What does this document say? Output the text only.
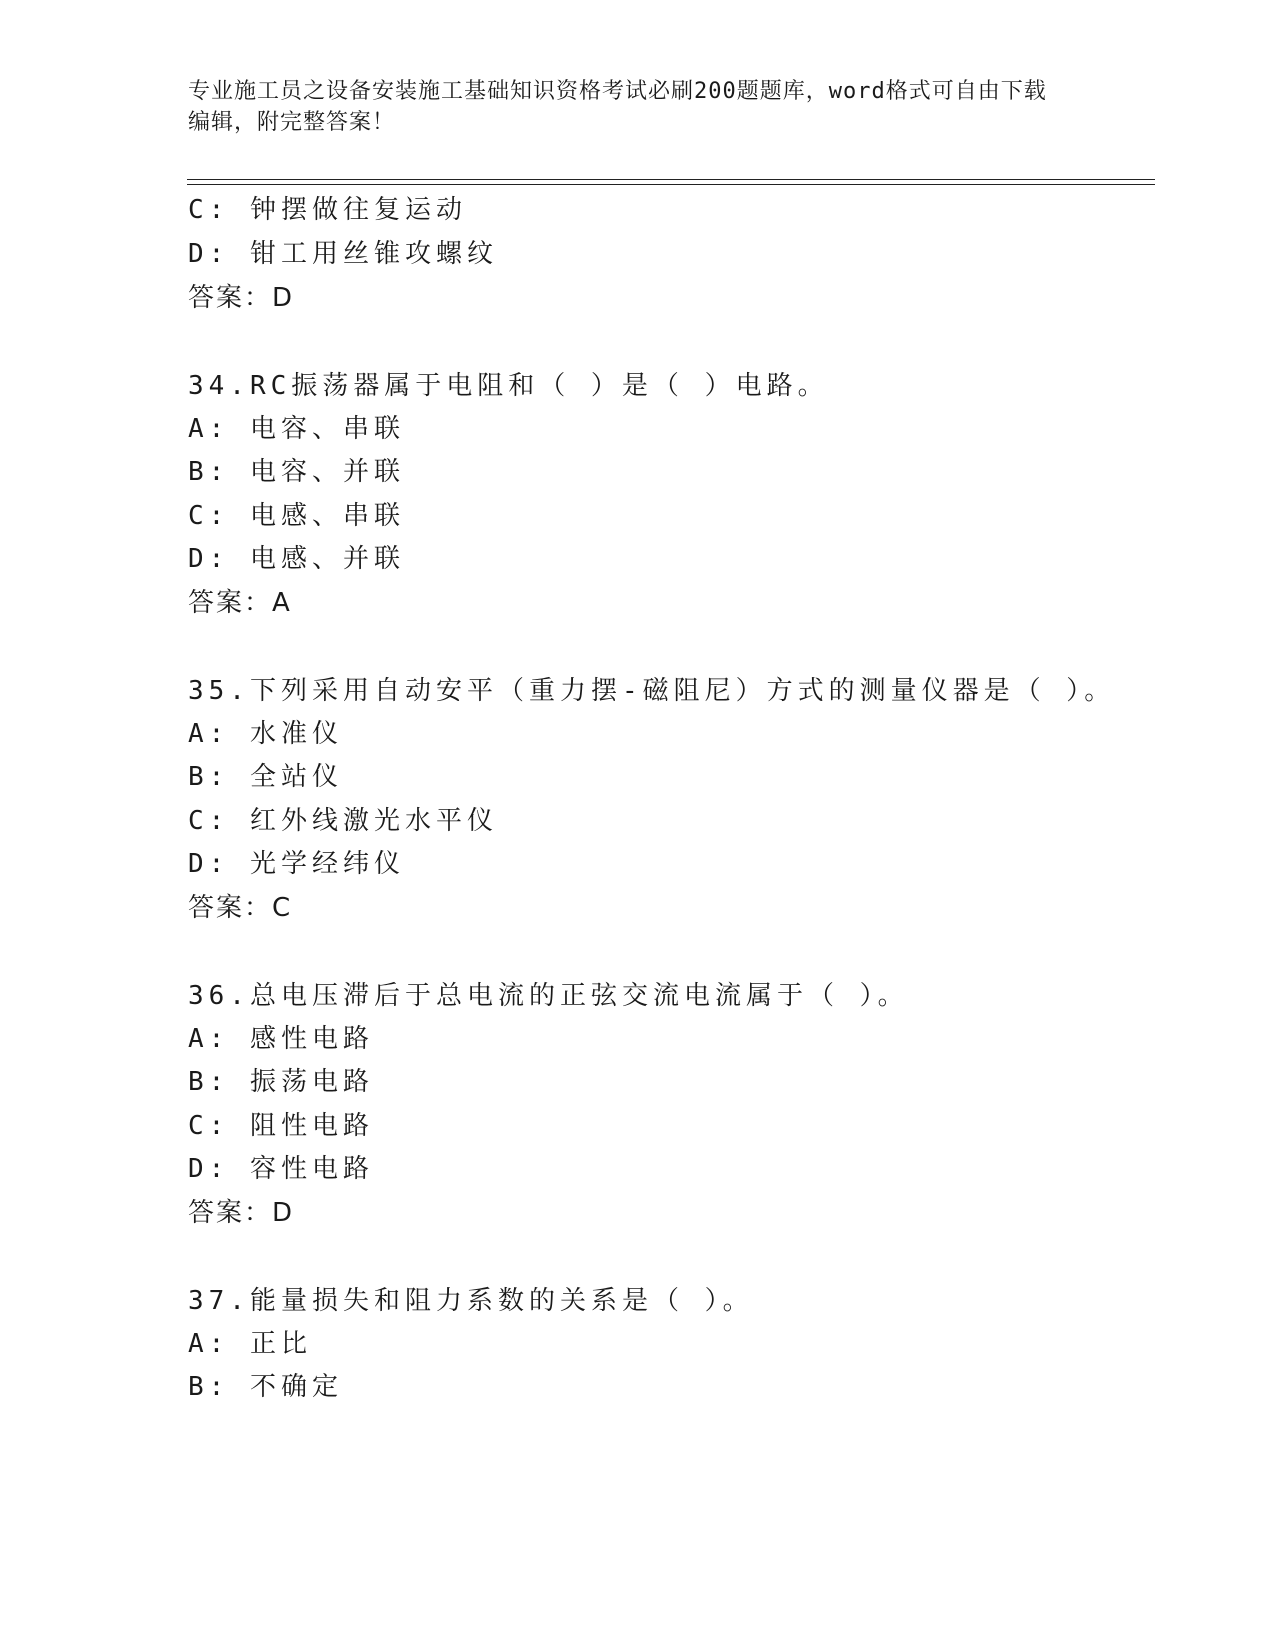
专业施工员之设备安装施工基础知识资格考试必刷200题题库，word格式可自由下载编辑，附完整答案！
C: 钟摆做往复运动
D: 钳工用丝锥攻螺纹
答案：D
34.RC振荡器属于电阻和（ ）是（ ）电路。
A: 电容、串联
B: 电容、并联
C: 电感、串联
D: 电感、并联
答案：A
35.下列采用自动安平（重力摆-磁阻尼）方式的测量仪器是（ ）。
A: 水准仪
B: 全站仪
C: 红外线激光水平仪
D: 光学经纬仪
答案：C
36.总电压滞后于总电流的正弦交流电流属于（ ）。
A: 感性电路
B: 振荡电路
C: 阻性电路
D: 容性电路
答案：D
37.能量损失和阻力系数的关系是（ ）。
A: 正比
B: 不确定
